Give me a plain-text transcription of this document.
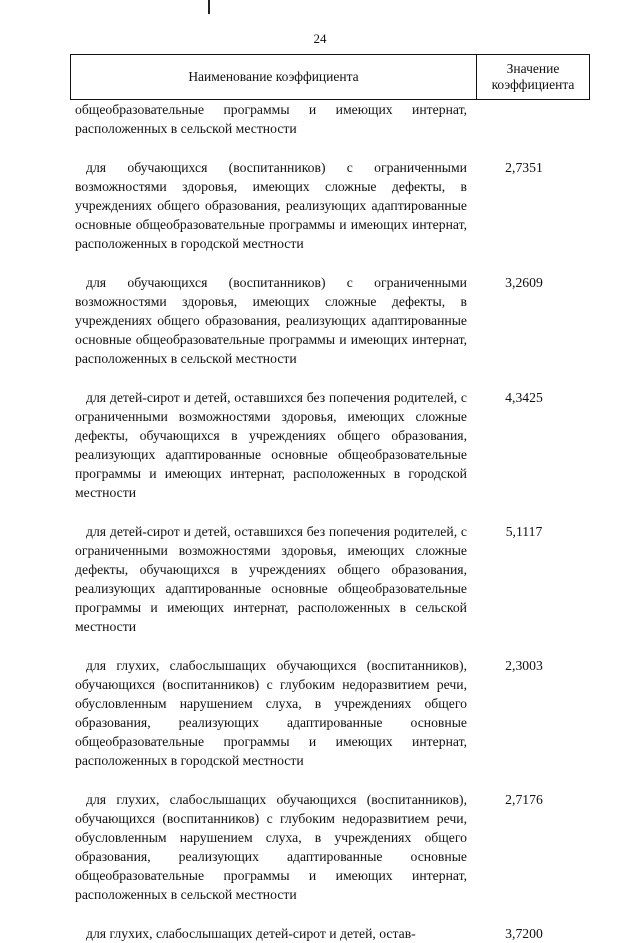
24
Наименование коэффициента	Значение коэффициента
общеобразовательные программы и имеющих интернат, расположенных в сельской местности
для обучающихся (воспитанников) с ограниченными возможностями здоровья, имеющих сложные дефекты, в учреждениях общего образования, реализующих адаптированные основные общеобразовательные программы и имеющих интернат, расположенных в городской местности
2,7351
для обучающихся (воспитанников) с ограниченными возможностями здоровья, имеющих сложные дефекты, в учреждениях общего образования, реализующих адаптированные основные общеобразовательные программы и имеющих интернат, расположенных в сельской местности
3,2609
для детей-сирот и детей, оставшихся без попечения родителей, с ограниченными возможностями здоровья, имеющих сложные дефекты, обучающихся в учреждениях общего образования, реализующих адаптированные основные общеобразовательные программы и имеющих интернат, расположенных в городской местности
4,3425
для детей-сирот и детей, оставшихся без попечения родителей, с ограниченными возможностями здоровья, имеющих сложные дефекты, обучающихся в учреждениях общего образования, реализующих адаптированные основные общеобразовательные программы и имеющих интернат, расположенных в сельской местности
5,1117
для глухих, слабослышащих обучающихся (воспитанников), обучающихся (воспитанников) с глубоким недоразвитием речи, обусловленным нарушением слуха, в учреждениях общего образования, реализующих адаптированные основные общеобразовательные программы и имеющих интернат, расположенных в городской местности
2,3003
для глухих, слабослышащих обучающихся (воспитанников), обучающихся (воспитанников) с глубоким недоразвитием речи, обусловленным нарушением слуха, в учреждениях общего образования, реализующих адаптированные основные общеобразовательные программы и имеющих интернат, расположенных в сельской местности
2,7176
для глухих, слабослышащих детей-сирот и детей, остав-	3,7200
